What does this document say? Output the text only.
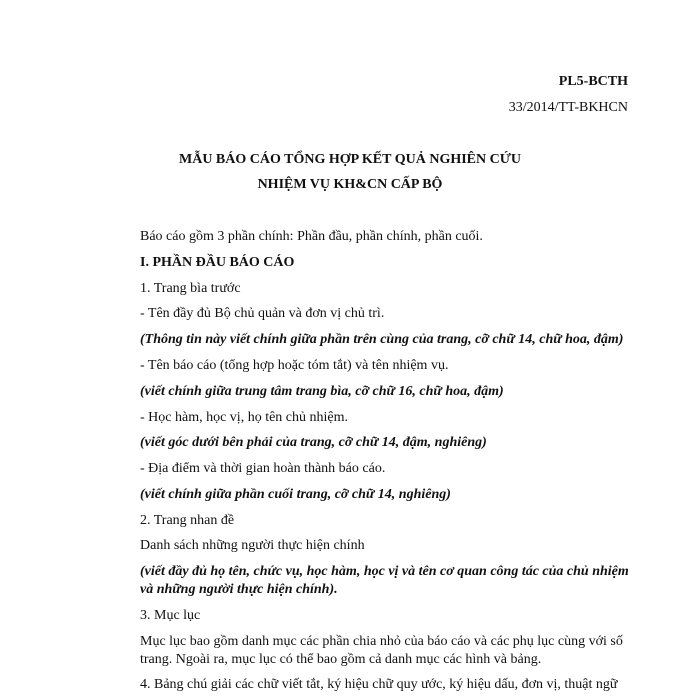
PL5-BCTH
33/2014/TT-BKHCN
MẪU BÁO CÁO TỔNG HỢP KẾT QUẢ NGHIÊN CỨU
NHIỆM VỤ KH&CN CẤP BỘ
Báo cáo gồm 3 phần chính: Phần đầu, phần chính, phần cuối.
I. PHẦN ĐẦU BÁO CÁO
1. Trang bìa trước
- Tên đầy đủ Bộ chủ quản và đơn vị chủ trì.
(Thông tin này viết chính giữa phần trên cùng của trang, cỡ chữ 14, chữ hoa, đậm)
- Tên báo cáo (tổng hợp hoặc tóm tắt) và tên nhiệm vụ.
(viết chính giữa trung tâm trang bìa, cỡ chữ 16, chữ hoa, đậm)
- Học hàm, học vị, họ tên chủ nhiệm.
(viết góc dưới bên phải của trang, cỡ chữ 14, đậm, nghiêng)
- Địa điểm và thời gian hoàn thành báo cáo.
(viết chính giữa phần cuối trang, cỡ chữ 14, nghiêng)
2. Trang nhan đề
Danh sách những người thực hiện chính
(viết đầy đủ họ tên, chức vụ, học hàm, học vị và tên cơ quan công tác của chủ nhiệm
và những người thực hiện chính).
3. Mục lục
Mục lục bao gồm danh mục các phần chia nhỏ của báo cáo và các phụ lục cùng với số
trang. Ngoài ra, mục lục có thể bao gồm cả danh mục các hình và bảng.
4. Bảng chú giải các chữ viết tắt, ký hiệu chữ quy ước, ký hiệu dấu, đơn vị, thuật ngữ
